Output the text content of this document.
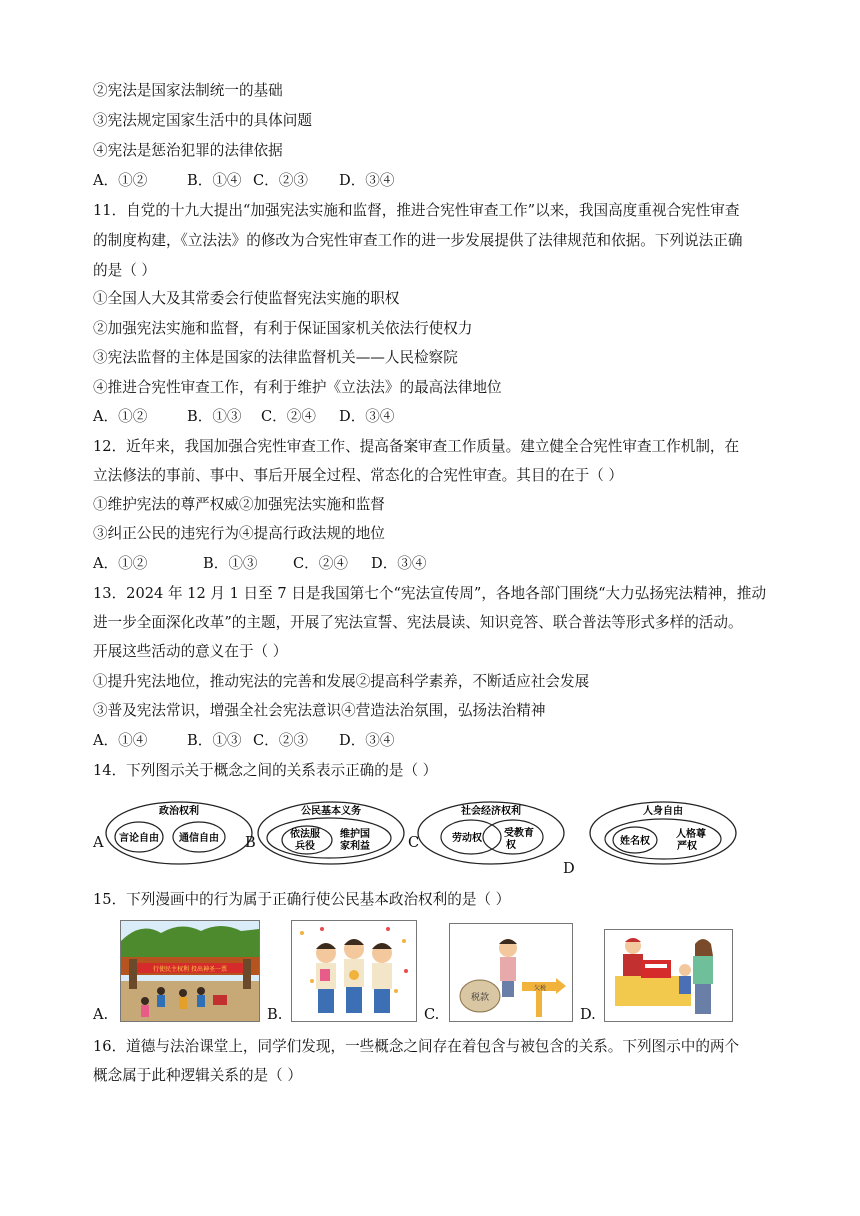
②宪法是国家法制统一的基础
③宪法规定国家生活中的具体问题
④宪法是惩治犯罪的法律依据
A．①②	B．①④ C．②③ D．③④
11．自党的十九大提出“加强宪法实施和监督，推进合宪性审查工作”以来，我国高度重视合宪性审查
的制度构建，《立法法》的修改为合宪性审查工作的进一步发展提供了法律规范和依据。下列说法正确
的是（ ）
①全国人大及其常委会行使监督宪法实施的职权
②加强宪法实施和监督，有利于保证国家机关依法行使权力
③宪法监督的主体是国家的法律监督机关——人民检察院
④推进合宪性审查工作，有利于维护《立法法》的最高法律地位
A．①②	B．①③ C．②④ D．③④
12．近年来，我国加强合宪性审查工作、提高备案审查工作质量。建立健全合宪性审查工作机制，在
立法修法的事前、事中、事后开展全过程、常态化的合宪性审查。其目的在于（ ）
①维护宪法的尊严权威②加强宪法实施和监督
③纠正公民的违宪行为④提高行政法规的地位
A．①②	B．①③ C．②④ D．③④
13．2024 年 12 月 1 日至 7 日是我国第七个“宪法宣传周”，各地各部门围绕“大力弘扬宪法精神，推动
进一步全面深化改革”的主题，开展了宪法宣誓、宪法晨读、知识竞答、联合普法等形式多样的活动。
开展这些活动的意义在于（ ）
①提升宪法地位，推动宪法的完善和发展②提高科学素养，不断适应社会发展
③普及宪法常识，增强全社会宪法意识④营造法治氛围，弘扬法治精神
A．①④	B．①③ C．②③ D．③④
14．下列图示关于概念之间的关系表示正确的是（ ）
政治权利
言论自由 通信自由
A
公民基本义务
依法服
兵役
维护国
家利益
B
社会经济权利
劳动权 受教育
权
C
人身自由
姓名权
人格尊
严权
D
15．下列漫画中的行为属于正确行使公民基本政治权利的是（ ）
行使民主权利 投出神圣一票
A.	B.
税款
欠税
C.	D.
16．道德与法治课堂上，同学们发现，一些概念之间存在着包含与被包含的关系。下列图示中的两个
概念属于此种逻辑关系的是（ ）
